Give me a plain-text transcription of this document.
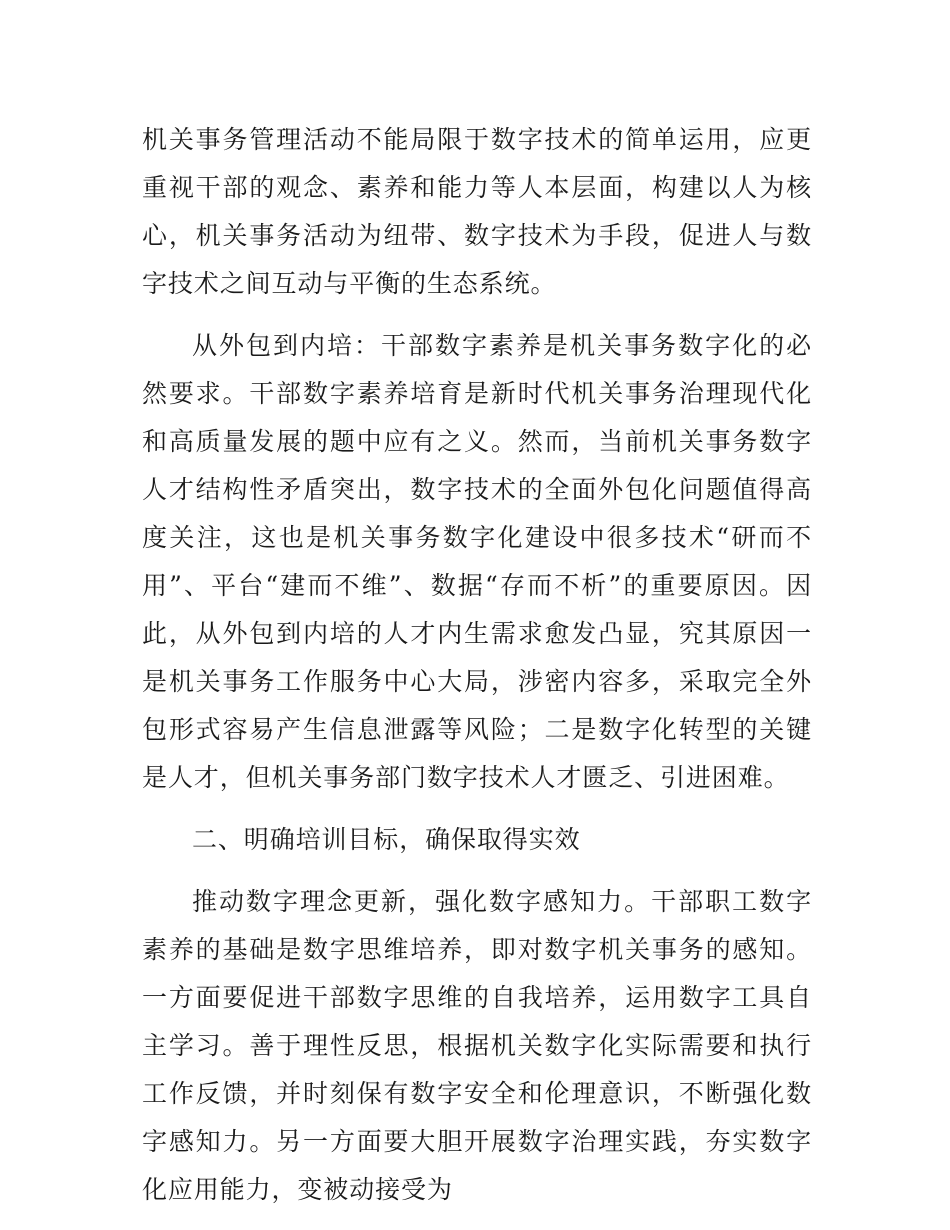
机关事务管理活动不能局限于数字技术的简单运用，应更重视干部的观念、素养和能力等人本层面，构建以人为核心，机关事务活动为纽带、数字技术为手段，促进人与数字技术之间互动与平衡的生态系统。

从外包到内培：干部数字素养是机关事务数字化的必然要求。干部数字素养培育是新时代机关事务治理现代化和高质量发展的题中应有之义。然而，当前机关事务数字人才结构性矛盾突出，数字技术的全面外包化问题值得高度关注，这也是机关事务数字化建设中很多技术“研而不用”、平台“建而不维”、数据“存而不析”的重要原因。因此，从外包到内培的人才内生需求愈发凸显，究其原因一是机关事务工作服务中心大局，涉密内容多，采取完全外包形式容易产生信息泄露等风险；二是数字化转型的关键是人才，但机关事务部门数字技术人才匮乏、引进困难。

二、明确培训目标，确保取得实效

推动数字理念更新，强化数字感知力。干部职工数字素养的基础是数字思维培养，即对数字机关事务的感知。一方面要促进干部数字思维的自我培养，运用数字工具自主学习。善于理性反思，根据机关数字化实际需要和执行工作反馈，并时刻保有数字安全和伦理意识，不断强化数字感知力。另一方面要大胆开展数字治理实践，夯实数字化应用能力，变被动接受为
